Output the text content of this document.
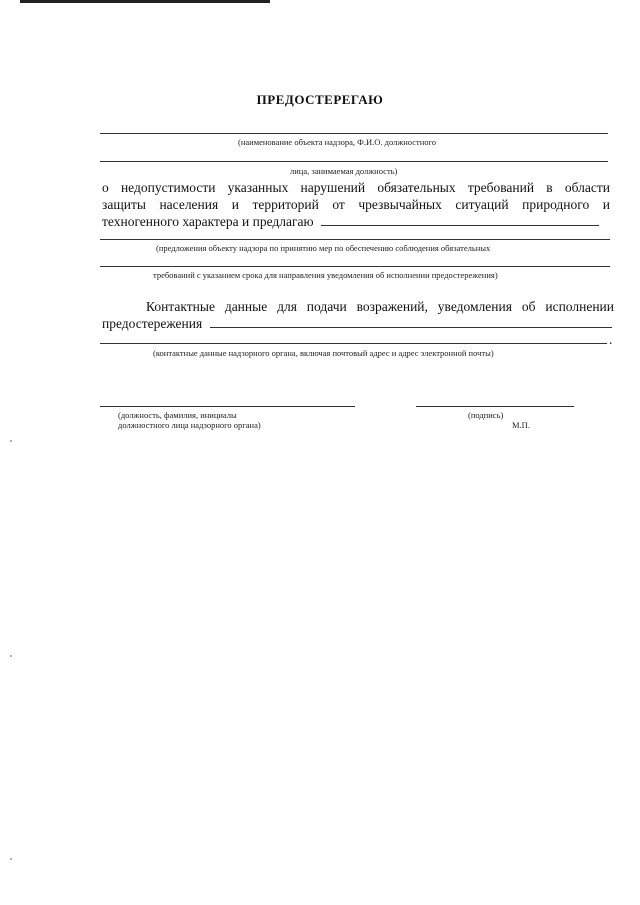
ПРЕДОСТЕРЕГАЮ
(наименование объекта надзора, Ф.И.О. должностного
лица, занимаемая должность)
о недопустимости указанных нарушений обязательных требований в области
защиты населения и территорий от чрезвычайных ситуаций природного и
техногенного характера и предлагаю
(предложения объекту надзора по принятию мер по обеспечению соблюдения обязательных
требований с указанием срока для направления уведомления об исполнении предостережения)
Контактные данные для подачи возражений, уведомления об исполнении
предостережения
.
(контактные данные надзорного органа, включая почтовый адрес и адрес электронной почты)
(должность, фамилия, инициалы
должностного лица надзорного органа)
(подпись)
М.П.
